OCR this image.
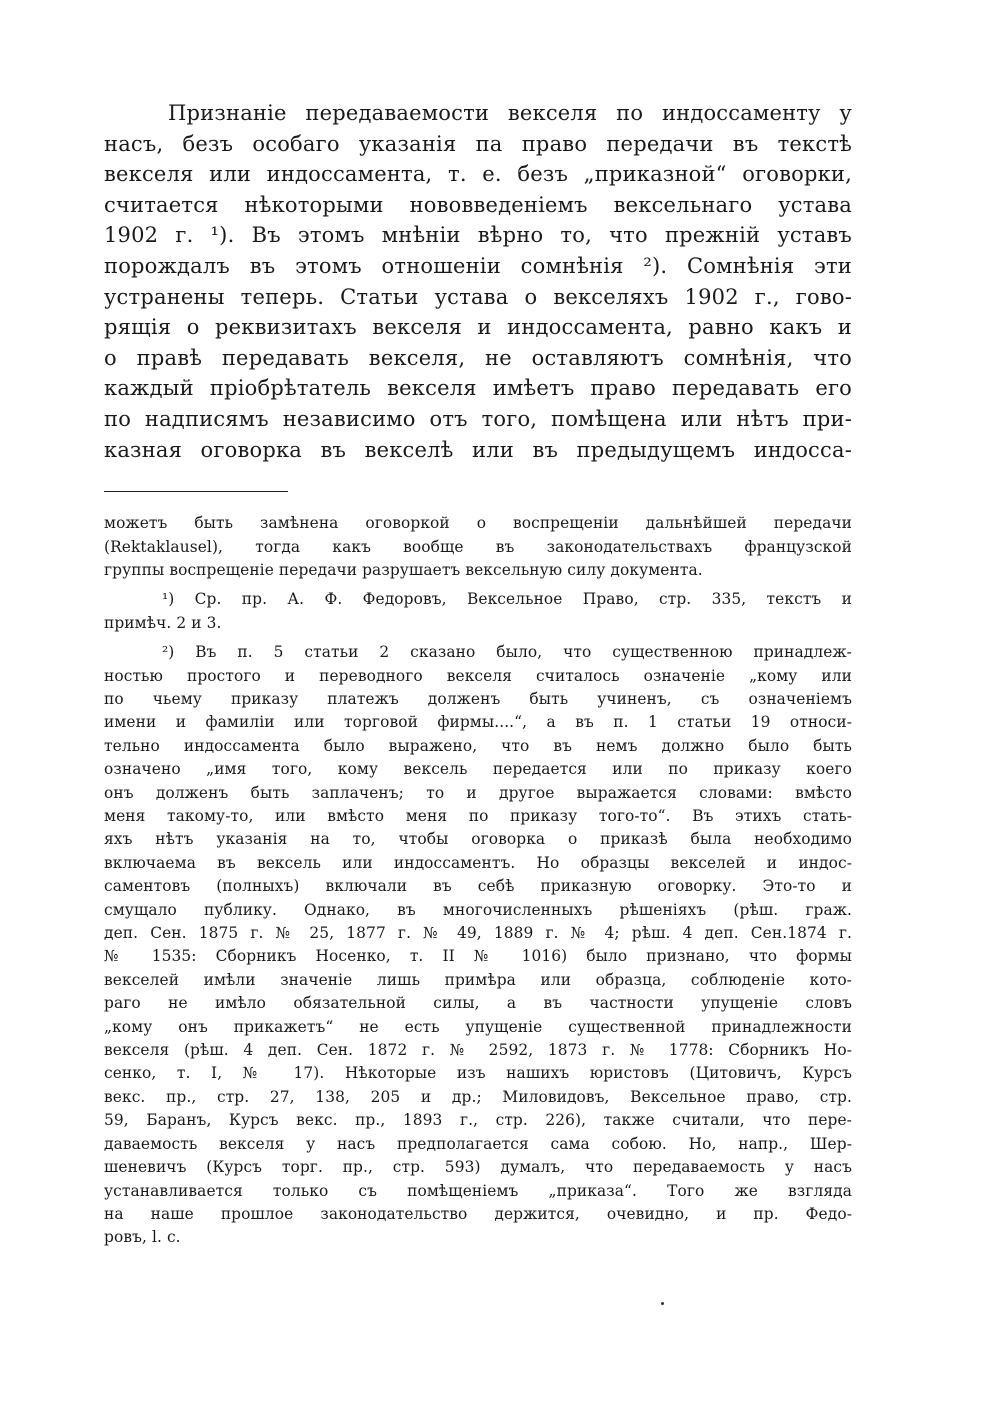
Признаніе передаваемости векселя по индоссаменту у
насъ, безъ особаго указанія па право передачи въ текстѣ
векселя или индоссамента, т. е. безъ „приказной“ оговорки,
считается нѣкоторыми нововведеніемъ вексельнаго устава
1902 г. ¹). Въ этомъ мнѣніи вѣрно то, что прежній уставъ
порождалъ въ этомъ отношеніи сомнѣнія ²). Сомнѣнія эти
устранены теперь. Статьи устава о векселяхъ 1902 г., гово-
рящія о реквизитахъ векселя и индоссамента, равно какъ и
о правѣ передавать векселя, не оставляютъ сомнѣнія, что
каждый пріобрѣтатель векселя имѣетъ право передавать его
по надписямъ независимо отъ того, помѣщена или нѣтъ при-
казная оговорка въ векселѣ или въ предыдущемъ индосса-
можетъ быть замѣнена оговоркой о воспрещеніи дальнѣйшей передачи
(Rektaklausel), тогда какъ вообще въ законодательствахъ французской
группы воспрещеніе передачи разрушаетъ вексельную силу документа.
¹) Ср. пр. А. Ф. Федоровъ, Вексельное Право, стр. 335, текстъ и
примѣч. 2 и 3.
²) Въ п. 5 статьи 2 сказано было, что существенною принадлеж-
ностью простого и переводного векселя считалось означеніе „кому или
по чьему приказу платежъ долженъ быть учиненъ, съ означеніемъ
имени и фамиліи или торговой фирмы....“, а въ п. 1 статьи 19 относи-
тельно индоссамента было выражено, что въ немъ должно было быть
означено „имя того, кому вексель передается или по приказу коего
онъ долженъ быть заплаченъ; то и другое выражается словами: вмѣсто
меня такому-то, или вмѣсто меня по приказу того-то“. Въ этихъ стать-
яхъ нѣтъ указанія на то, чтобы оговорка о приказѣ была необходимо
включаема въ вексель или индоссаментъ. Но образцы векселей и индос-
саментовъ (полныхъ) включали въ себѣ приказную оговорку. Это-то и
смущало публику. Однако, въ многочисленныхъ рѣшеніяхъ (рѣш. граж.
деп. Сен. 1875 г. № 25, 1877 г. № 49, 1889 г. № 4; рѣш. 4 деп. Сен.1874 г.
№ 1535: Сборникъ Носенко, т. II № 1016) было признано, что формы
векселей имѣли значеніе лишь примѣра или образца, соблюденіе кото-
раго не имѣло обязательной силы, а въ частности упущеніе словъ
„кому онъ прикажетъ“ не есть упущеніе существенной принадлежности
векселя (рѣш. 4 деп. Сен. 1872 г. № 2592, 1873 г. № 1778: Сборникъ Но-
сенко, т. I, № 17). Нѣкоторые изъ нашихъ юристовъ (Цитовичъ, Курсъ
векс. пр., стр. 27, 138, 205 и др.; Миловидовъ, Вексельное право, стр.
59, Баранъ, Курсъ векс. пр., 1893 г., стр. 226), также считали, что пере-
даваемость векселя у насъ предполагается сама собою. Но, напр., Шер-
шеневичъ (Курсъ торг. пр., стр. 593) думалъ, что передаваемость у насъ
устанавливается только съ помѣщеніемъ „приказа“. Того же взгляда
на наше прошлое законодательство держится, очевидно, и пр. Федо-
ровъ, l. c.
